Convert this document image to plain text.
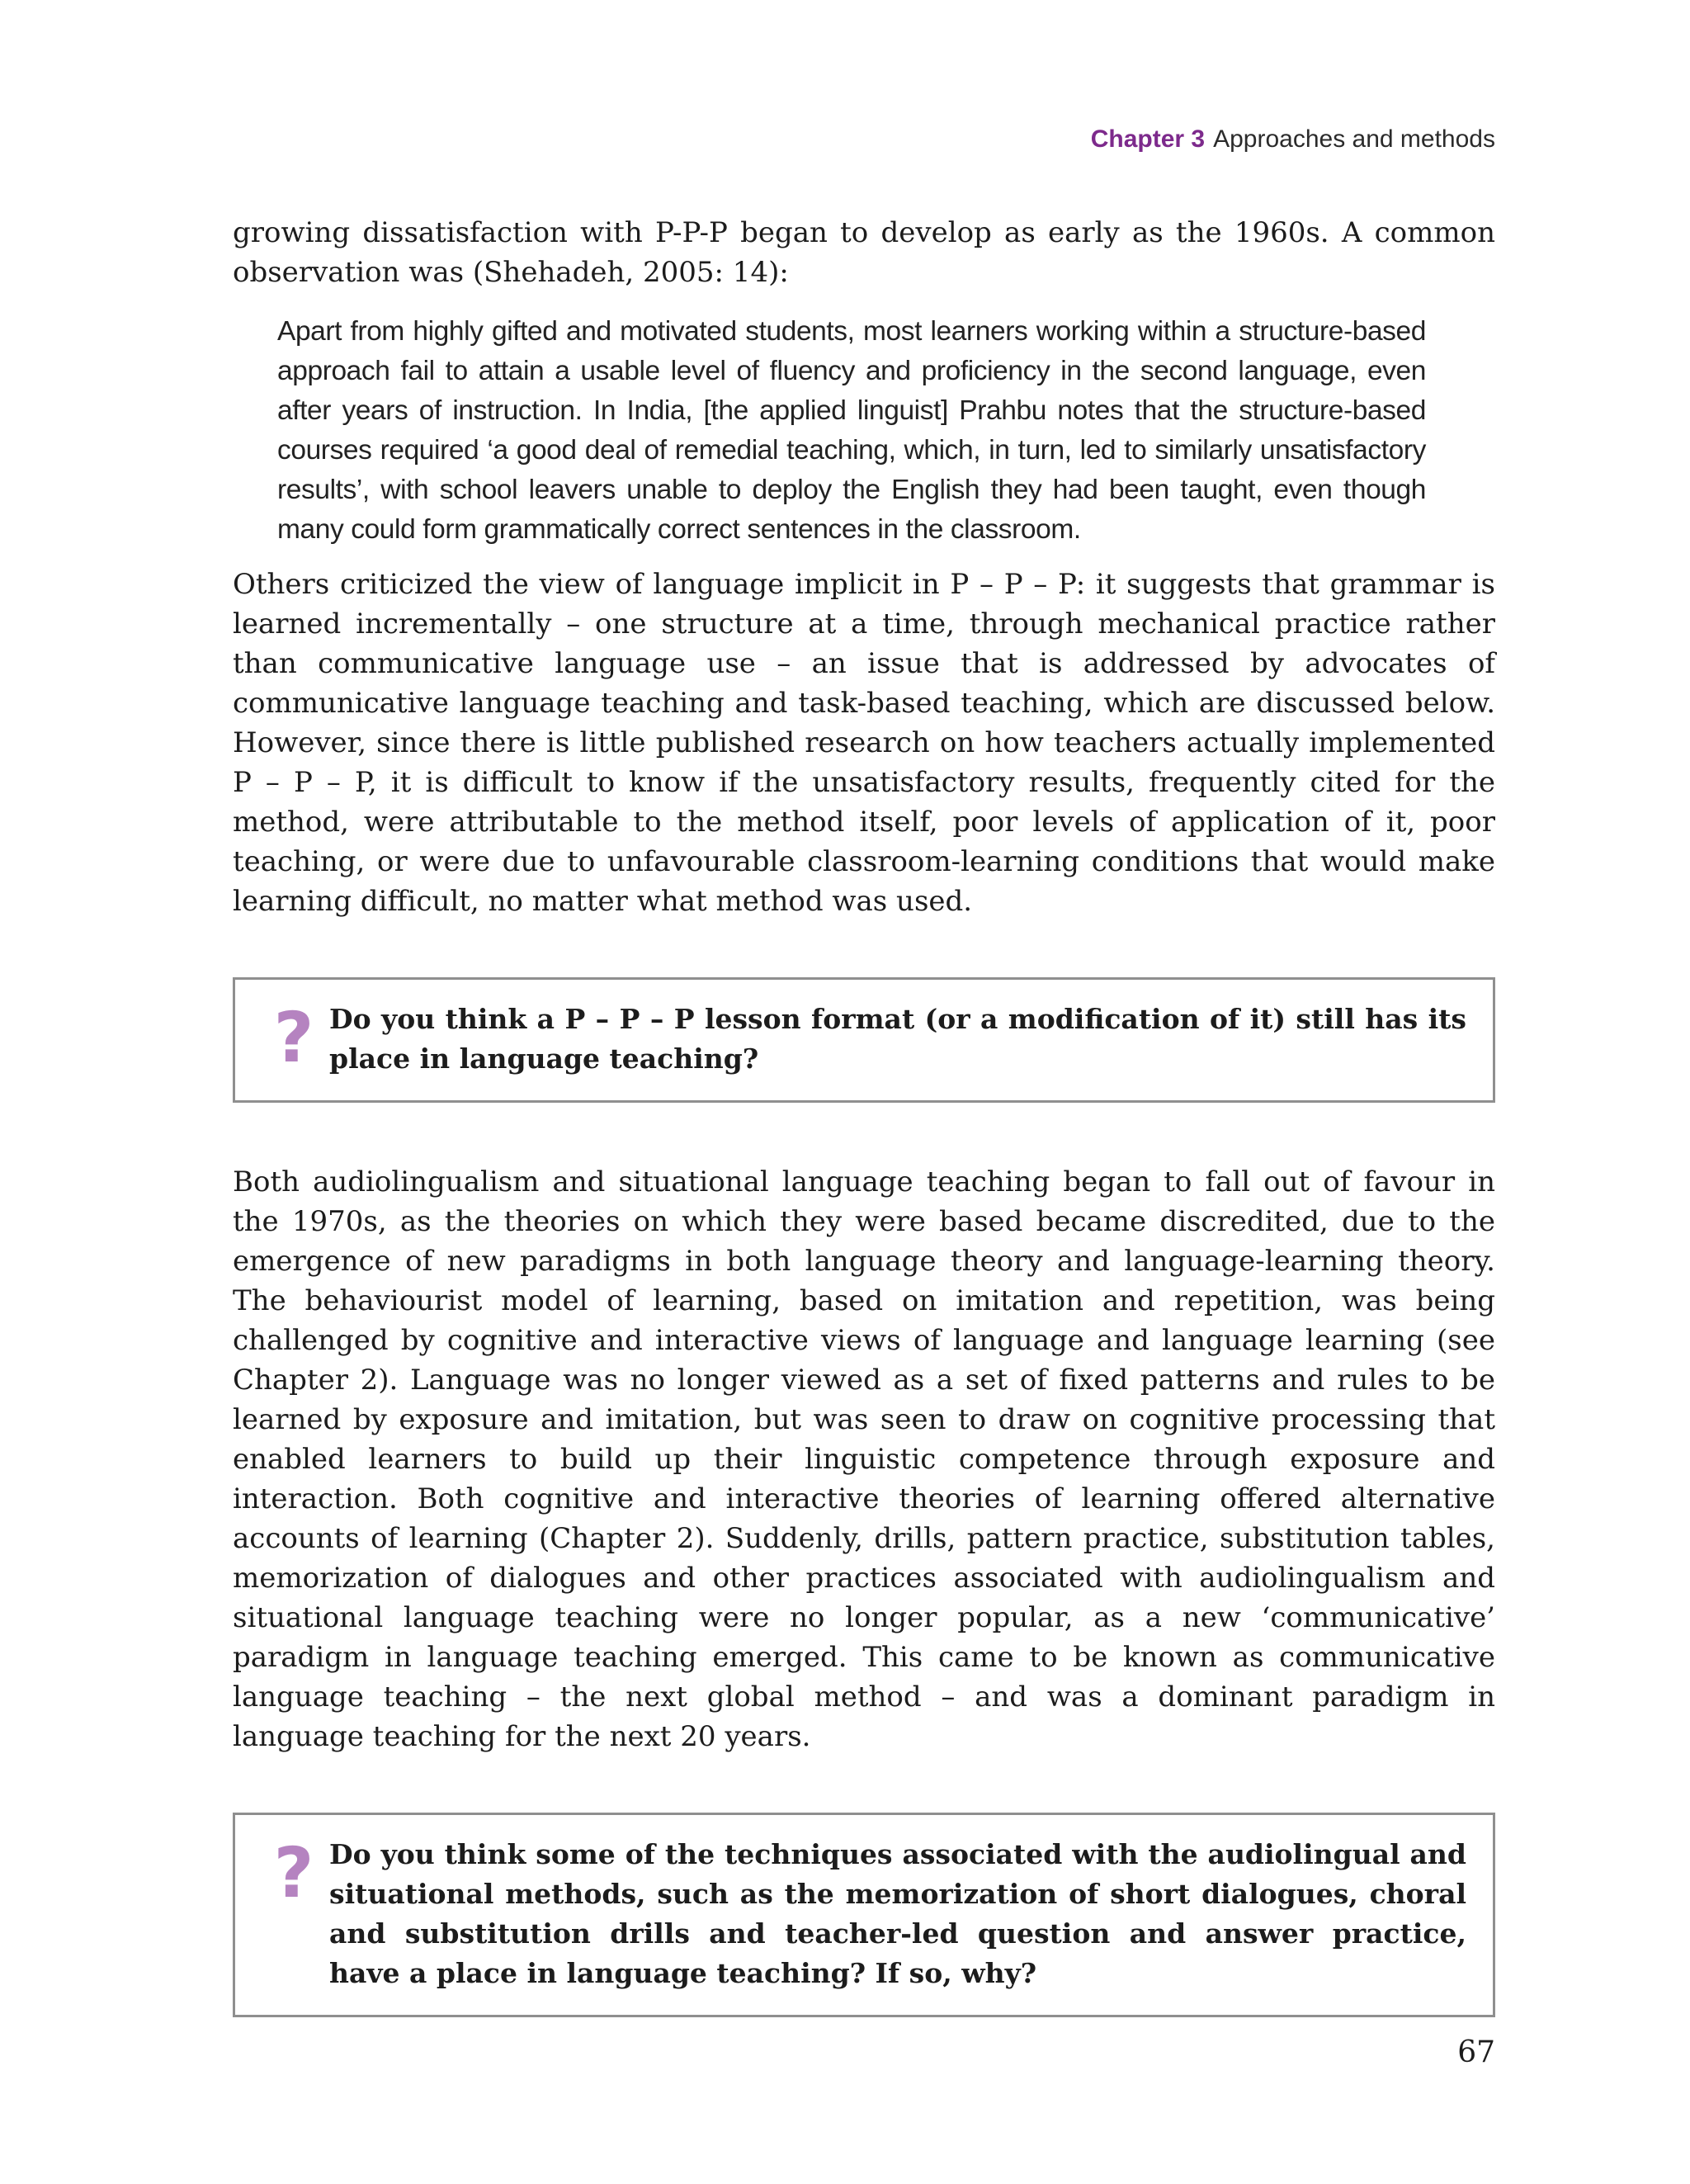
Chapter 3 Approaches and methods

growing dissatisfaction with P-P-P began to develop as early as the 1960s. A common observation was (Shehadeh, 2005: 14):

Apart from highly gifted and motivated students, most learners working within a structure-based approach fail to attain a usable level of fluency and proficiency in the second language, even after years of instruction. In India, [the applied linguist] Prahbu notes that the structure-based courses required ‘a good deal of remedial teaching, which, in turn, led to similarly unsatisfactory results’, with school leavers unable to deploy the English they had been taught, even though many could form grammatically correct sentences in the classroom.

Others criticized the view of language implicit in P – P – P: it suggests that grammar is learned incrementally – one structure at a time, through mechanical practice rather than communicative language use – an issue that is addressed by advocates of communicative language teaching and task-based teaching, which are discussed below. However, since there is little published research on how teachers actually implemented P – P – P, it is difficult to know if the unsatisfactory results, frequently cited for the method, were attributable to the method itself, poor levels of application of it, poor teaching, or were due to unfavourable classroom-learning conditions that would make learning difficult, no matter what method was used.

? Do you think a P – P – P lesson format (or a modification of it) still has its place in language teaching?

Both audiolingualism and situational language teaching began to fall out of favour in the 1970s, as the theories on which they were based became discredited, due to the emergence of new paradigms in both language theory and language-learning theory. The behaviourist model of learning, based on imitation and repetition, was being challenged by cognitive and interactive views of language and language learning (see Chapter 2). Language was no longer viewed as a set of fixed patterns and rules to be learned by exposure and imitation, but was seen to draw on cognitive processing that enabled learners to build up their linguistic competence through exposure and interaction. Both cognitive and interactive theories of learning offered alternative accounts of learning (Chapter 2). Suddenly, drills, pattern practice, substitution tables, memorization of dialogues and other practices associated with audiolingualism and situational language teaching were no longer popular, as a new ‘communicative’ paradigm in language teaching emerged. This came to be known as communicative language teaching – the next global method – and was a dominant paradigm in language teaching for the next 20 years.

? Do you think some of the techniques associated with the audiolingual and situational methods, such as the memorization of short dialogues, choral and substitution drills and teacher-led question and answer practice, have a place in language teaching? If so, why?
67
